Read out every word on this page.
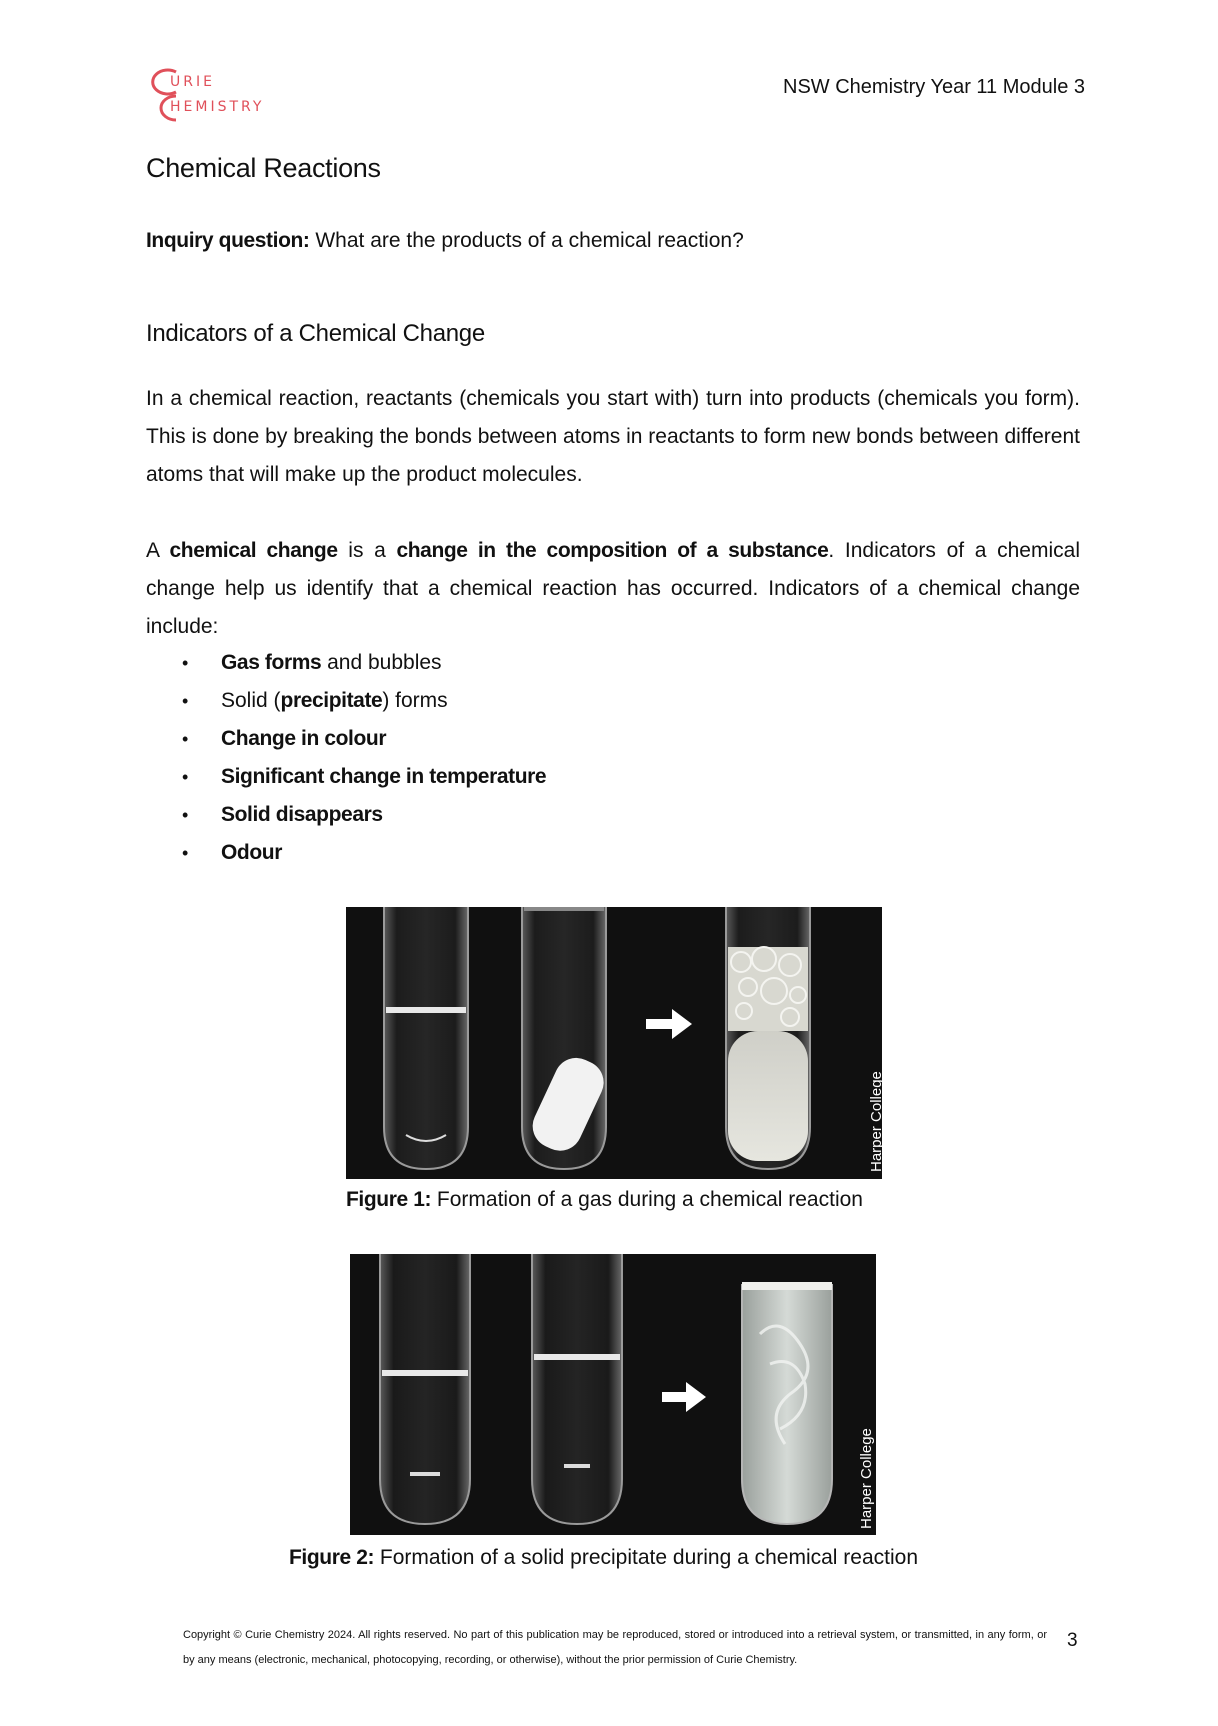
URIE
HEMISTRY
NSW Chemistry Year 11 Module 3
Chemical Reactions
Inquiry question: What are the products of a chemical reaction?
Indicators of a Chemical Change

In a chemical reaction, reactants (chemicals you start with) turn into products (chemicals you form). This is done by breaking the bonds between atoms in reactants to form new bonds between different atoms that will make up the product molecules.

A chemical change is a change in the composition of a substance. Indicators of a chemical change help us identify that a chemical reaction has occurred. Indicators of a chemical change include:

• Gas forms and bubbles
• Solid (precipitate) forms
• Change in colour
• Significant change in temperature
• Solid disappears
• Odour
Harper College
Figure 1: Formation of a gas during a chemical reaction
Harper College
Figure 2: Formation of a solid precipitate during a chemical reaction

Copyright © Curie Chemistry 2024. All rights reserved. No part of this publication may be reproduced, stored or introduced into a retrieval system, or transmitted, in any form, or by any means (electronic, mechanical, photocopying, recording, or otherwise), without the prior permission of Curie Chemistry.

3
